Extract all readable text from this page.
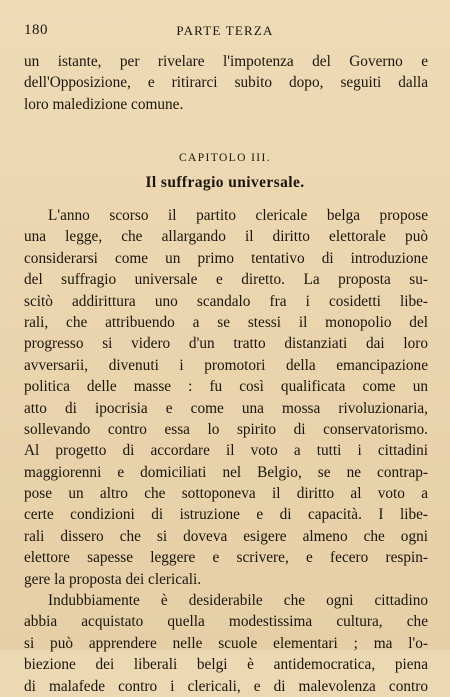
180	PARTE TERZA
un istante, per rivelare l'impotenza del Governo e
dell'Opposizione, e ritirarci subito dopo, seguiti dalla
loro maledizione comune.
CAPITOLO III.
Il suffragio universale.
L'anno scorso il partito clericale belga propose
una legge, che allargando il diritto elettorale può
considerarsi come un primo tentativo di introduzione
del suffragio universale e diretto. La proposta su-
scitò addirittura uno scandalo fra i cosidetti libe-
rali, che attribuendo a se stessi il monopolio del
progresso si videro d'un tratto distanziati dai loro
avversarii, divenuti i promotori della emancipazione
politica delle masse : fu così qualificata come un
atto di ipocrisia e come una mossa rivoluzionaria,
sollevando contro essa lo spirito di conservatorismo.
Al progetto di accordare il voto a tutti i cittadini
maggiorenni e domiciliati nel Belgio, se ne contrap-
pose un altro che sottoponeva il diritto al voto a
certe condizioni di istruzione e di capacità. I libe-
rali dissero che si doveva esigere almeno che ogni
elettore sapesse leggere e scrivere, e fecero respin-
gere la proposta dei clericali.
Indubbiamente è desiderabile che ogni cittadino
abbia acquistato quella modestissima cultura, che
si può apprendere nelle scuole elementari ; ma l'o-
biezione dei liberali belgi è antidemocratica, piena
di malafede contro i clericali, e di malevolenza contro
